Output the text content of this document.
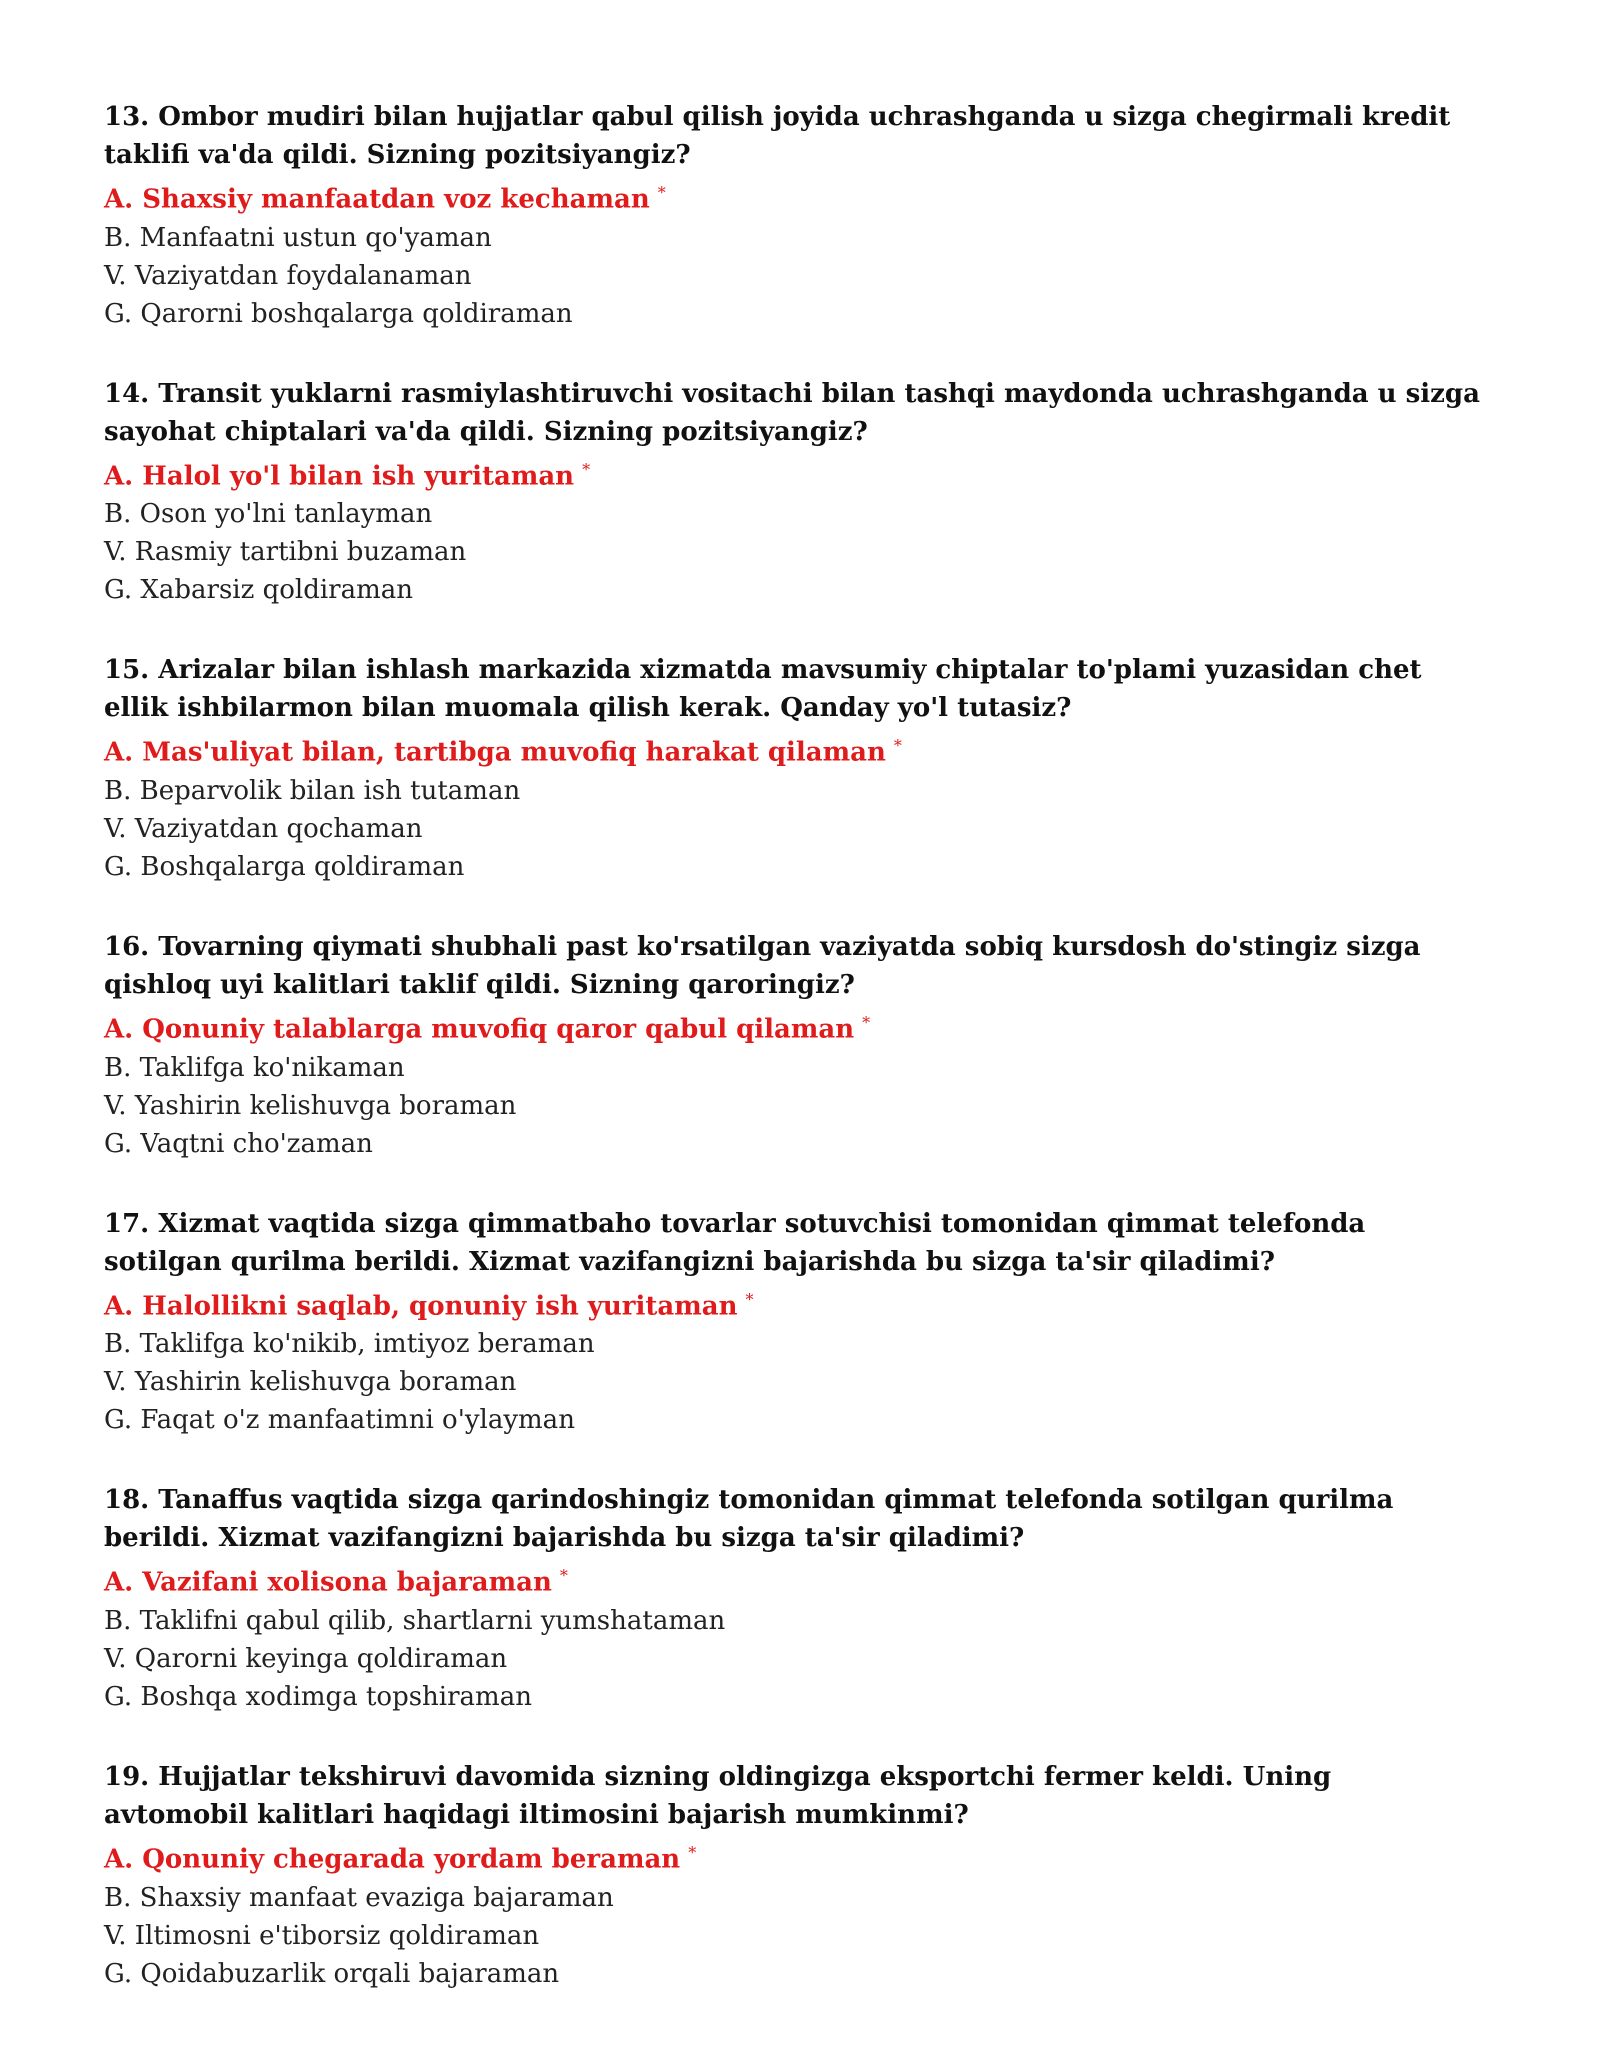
13. Ombor mudiri bilan hujjatlar qabul qilish joyida uchrashganda u sizga chegirmali kredit taklifi va'da qildi. Sizning pozitsiyangiz?

A. Shaxsiy manfaatdan voz kechaman *

B. Manfaatni ustun qo'yaman

V. Vaziyatdan foydalanaman

G. Qarorni boshqalarga qoldiraman

14. Transit yuklarni rasmiylashtiruvchi vositachi bilan tashqi maydonda uchrashganda u sizga sayohat chiptalari va'da qildi. Sizning pozitsiyangiz?

A. Halol yo'l bilan ish yuritaman *

B. Oson yo'lni tanlayman

V. Rasmiy tartibni buzaman

G. Xabarsiz qoldiraman

15. Arizalar bilan ishlash markazida xizmatda mavsumiy chiptalar to'plami yuzasidan chet ellik ishbilarmon bilan muomala qilish kerak. Qanday yo'l tutasiz?

A. Mas'uliyat bilan, tartibga muvofiq harakat qilaman *

B. Beparvolik bilan ish tutaman

V. Vaziyatdan qochaman

G. Boshqalarga qoldiraman

16. Tovarning qiymati shubhali past ko'rsatilgan vaziyatda sobiq kursdosh do'stingiz sizga qishloq uyi kalitlari taklif qildi. Sizning qaroringiz?

A. Qonuniy talablarga muvofiq qaror qabul qilaman *

B. Taklifga ko'nikaman

V. Yashirin kelishuvga boraman

G. Vaqtni cho'zaman

17. Xizmat vaqtida sizga qimmatbaho tovarlar sotuvchisi tomonidan qimmat telefonda sotilgan qurilma berildi. Xizmat vazifangizni bajarishda bu sizga ta'sir qiladimi?

A. Halollikni saqlab, qonuniy ish yuritaman *

B. Taklifga ko'nikib, imtiyoz beraman

V. Yashirin kelishuvga boraman

G. Faqat o'z manfaatimni o'ylayman

18. Tanaffus vaqtida sizga qarindoshingiz tomonidan qimmat telefonda sotilgan qurilma berildi. Xizmat vazifangizni bajarishda bu sizga ta'sir qiladimi?

A. Vazifani xolisona bajaraman *

B. Taklifni qabul qilib, shartlarni yumshataman

V. Qarorni keyinga qoldiraman

G. Boshqa xodimga topshiraman

19. Hujjatlar tekshiruvi davomida sizning oldingizga eksportchi fermer keldi. Uning avtomobil kalitlari haqidagi iltimosini bajarish mumkinmi?

A. Qonuniy chegarada yordam beraman *

B. Shaxsiy manfaat evaziga bajaraman

V. Iltimosni e'tiborsiz qoldiraman

G. Qoidabuzarlik orqali bajaraman
